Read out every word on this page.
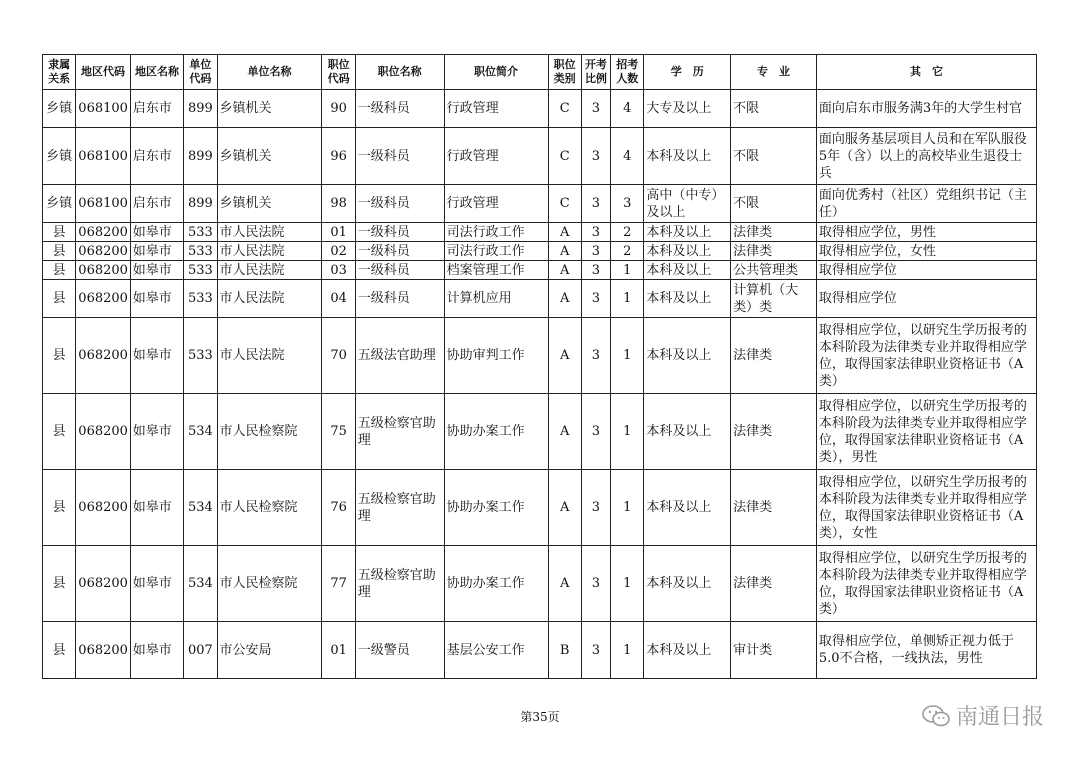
隶属关系	地区代码	地区名称	单位代码	单位名称	职位代码	职位名称	职位简介	职位类别	开考比例	招考人数	学　历	专　业	其　它
乡镇	068100	启东市	899	乡镇机关	90	一级科员	行政管理	C	3	4	大专及以上	不限	面向启东市服务满3年的大学生村官
乡镇	068100	启东市	899	乡镇机关	96	一级科员	行政管理	C	3	4	本科及以上	不限	面向服务基层项目人员和在军队服役5年（含）以上的高校毕业生退役士兵
乡镇	068100	启东市	899	乡镇机关	98	一级科员	行政管理	C	3	3	高中（中专）及以上	不限	面向优秀村（社区）党组织书记（主任）
县	068200	如皋市	533	市人民法院	01	一级科员	司法行政工作	A	3	2	本科及以上	法律类	取得相应学位，男性
县	068200	如皋市	533	市人民法院	02	一级科员	司法行政工作	A	3	2	本科及以上	法律类	取得相应学位，女性
县	068200	如皋市	533	市人民法院	03	一级科员	档案管理工作	A	3	1	本科及以上	公共管理类	取得相应学位
县	068200	如皋市	533	市人民法院	04	一级科员	计算机应用	A	3	1	本科及以上	计算机（大类）类	取得相应学位
县	068200	如皋市	533	市人民法院	70	五级法官助理	协助审判工作	A	3	1	本科及以上	法律类	取得相应学位，以研究生学历报考的本科阶段为法律类专业并取得相应学位，取得国家法律职业资格证书（A类）
县	068200	如皋市	534	市人民检察院	75	五级检察官助理	协助办案工作	A	3	1	本科及以上	法律类	取得相应学位，以研究生学历报考的本科阶段为法律类专业并取得相应学位，取得国家法律职业资格证书（A类），男性
县	068200	如皋市	534	市人民检察院	76	五级检察官助理	协助办案工作	A	3	1	本科及以上	法律类	取得相应学位，以研究生学历报考的本科阶段为法律类专业并取得相应学位，取得国家法律职业资格证书（A类），女性
县	068200	如皋市	534	市人民检察院	77	五级检察官助理	协助办案工作	A	3	1	本科及以上	法律类	取得相应学位，以研究生学历报考的本科阶段为法律类专业并取得相应学位，取得国家法律职业资格证书（A类）
县	068200	如皋市	007	市公安局	01	一级警员	基层公安工作	B	3	1	本科及以上	审计类	取得相应学位，单侧矫正视力低于5.0不合格，一线执法，男性
第35页	南通日报
